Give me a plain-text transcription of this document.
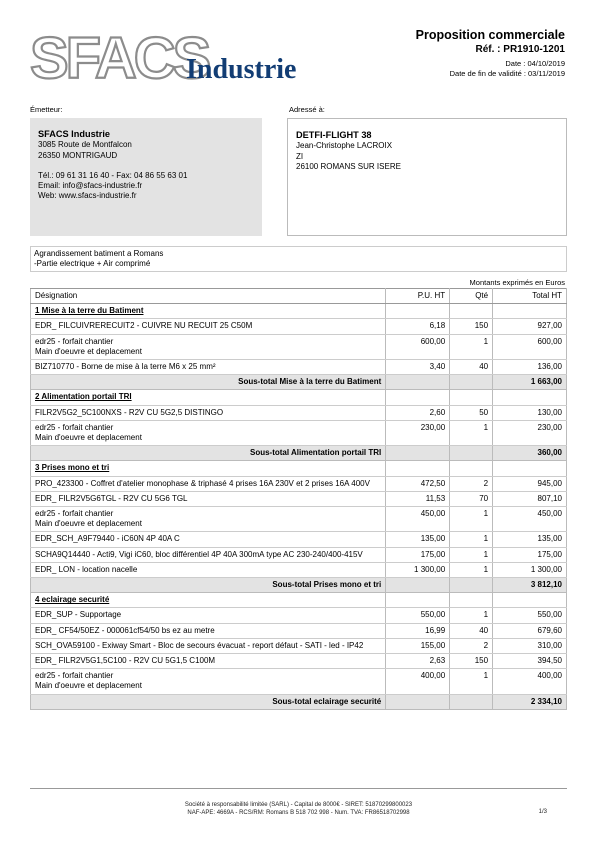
SFACS
Industrie
Proposition commerciale
Réf. : PR1910-1201
Date : 04/10/2019
Date de fin de validité : 03/11/2019
Émetteur:	Adressé à:
SFACS Industrie
3085 Route de Montfalcon
26350 MONTRIGAUD
Tél.: 09 61 31 16 40 - Fax: 04 86 55 63 01
Email: info@sfacs-industrie.fr
Web: www.sfacs-industrie.fr
DETFI-FLIGHT 38
Jean-Christophe LACROIX
ZI
26100 ROMANS SUR ISERE
Agrandissement batiment a Romans
-Partie electrique + Air comprimé
Montants exprimés en Euros
Désignation	P.U. HT	Qté	Total HT
1 Mise à la terre du Batiment			

EDR_ FILCUIVRERECUIT2 - CUIVRE NU RECUIT 25 C50M	6,18	150	927,00

edr25 - forfait chantier
Main d'oeuvre et deplacement	600,00	1	600,00

BIZ710770 - Borne de mise à la terre M6 x 25 mm²	3,40	40	136,00
Sous-total Mise à la terre du Batiment			1 663,00
2 Alimentation portail TRI			

FILR2V5G2_5C100NXS - R2V CU 5G2,5 DISTINGO	2,60	50	130,00

edr25 - forfait chantier
Main d'oeuvre et deplacement	230,00	1	230,00
Sous-total Alimentation portail TRI			360,00
3 Prises mono et tri			

PRO_423300 - Coffret d'atelier monophase & triphasé 4 prises 16A 230V et 2 prises 16A 400V	472,50	2	945,00

EDR_ FILR2V5G6TGL - R2V CU 5G6 TGL	11,53	70	807,10

edr25 - forfait chantier
Main d'oeuvre et deplacement	450,00	1	450,00

EDR_SCH_A9F79440 - iC60N 4P 40A C	135,00	1	135,00

SCHA9Q14440 - Acti9, Vigi iC60, bloc différentiel 4P 40A 300mA type AC 230-240/400-415V	175,00	1	175,00

EDR_ LON - location nacelle	1 300,00	1	1 300,00
Sous-total Prises mono et tri			3 812,10
4 eclairage securité			

EDR_SUP - Supportage	550,00	1	550,00

EDR_ CF54/50EZ - 000061cf54/50 bs ez au metre	16,99	40	679,60

SCH_OVA59100 - Exiway Smart - Bloc de secours évacuat - report défaut - SATI - led - IP42	155,00	2	310,00

EDR_ FILR2V5G1,5C100 - R2V CU 5G1,5 C100M	2,63	150	394,50

edr25 - forfait chantier
Main d'oeuvre et deplacement	400,00	1	400,00
Sous-total eclairage securité			2 334,10
Société à responsabilité limitée (SARL) - Capital de 8000€ - SIRET: 51870299800023
NAF-APE: 4669A - RCS/RM: Romans B 518 702 998 - Num. TVA: FR86518702998	1/3
